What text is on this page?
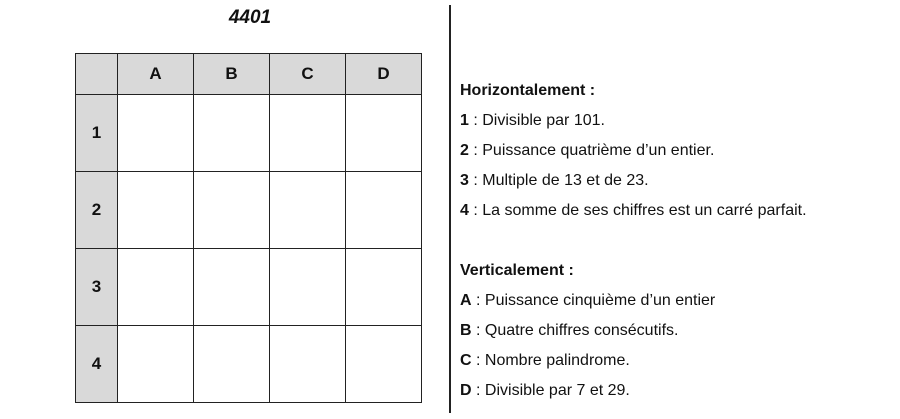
4401
	A	B	C	D
1				
2				
3				
4				
Horizontalement :
1 : Divisible par 101.
2 : Puissance quatrième d’un entier.
3 : Multiple de 13 et de 23.
4 : La somme de ses chiffres est un carré parfait.
Verticalement :
A : Puissance cinquième d’un entier
B : Quatre chiffres consécutifs.
C : Nombre palindrome.
D : Divisible par 7 et 29.
